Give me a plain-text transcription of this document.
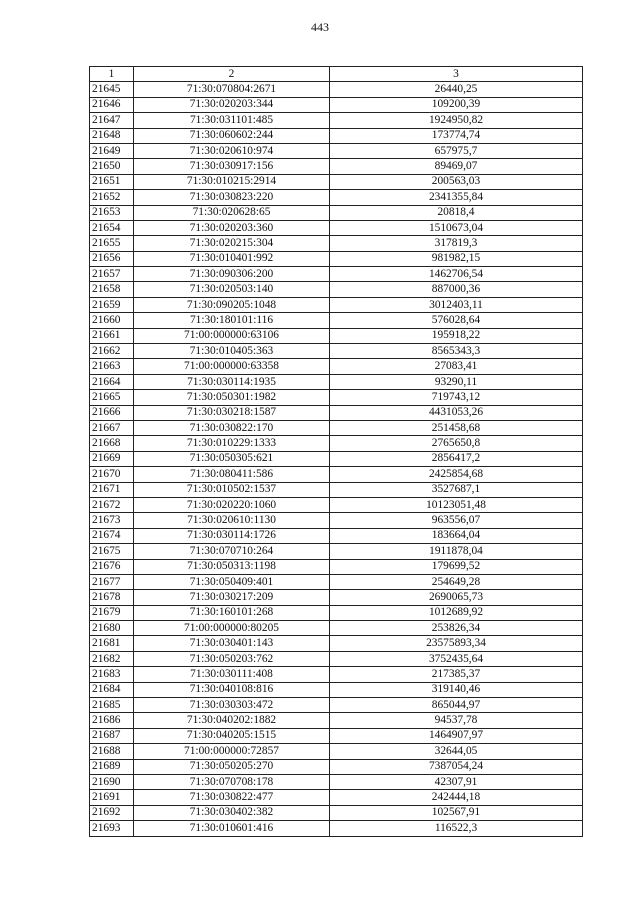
443
1	2	3
21645	71:30:070804:2671	26440,25
21646	71:30:020203:344	109200,39
21647	71:30:031101:485	1924950,82
21648	71:30:060602:244	173774,74
21649	71:30:020610:974	657975,7
21650	71:30:030917:156	89469,07
21651	71:30:010215:2914	200563,03
21652	71:30:030823:220	2341355,84
21653	71:30:020628:65	20818,4
21654	71:30:020203:360	1510673,04
21655	71:30:020215:304	317819,3
21656	71:30:010401:992	981982,15
21657	71:30:090306:200	1462706,54
21658	71:30:020503:140	887000,36
21659	71:30:090205:1048	3012403,11
21660	71:30:180101:116	576028,64
21661	71:00:000000:63106	195918,22
21662	71:30:010405:363	8565343,3
21663	71:00:000000:63358	27083,41
21664	71:30:030114:1935	93290,11
21665	71:30:050301:1982	719743,12
21666	71:30:030218:1587	4431053,26
21667	71:30:030822:170	251458,68
21668	71:30:010229:1333	2765650,8
21669	71:30:050305:621	2856417,2
21670	71:30:080411:586	2425854,68
21671	71:30:010502:1537	3527687,1
21672	71:30:020220:1060	10123051,48
21673	71:30:020610:1130	963556,07
21674	71:30:030114:1726	183664,04
21675	71:30:070710:264	1911878,04
21676	71:30:050313:1198	179699,52
21677	71:30:050409:401	254649,28
21678	71:30:030217:209	2690065,73
21679	71:30:160101:268	1012689,92
21680	71:00:000000:80205	253826,34
21681	71:30:030401:143	23575893,34
21682	71:30:050203:762	3752435,64
21683	71:30:030111:408	217385,37
21684	71:30:040108:816	319140,46
21685	71:30:030303:472	865044,97
21686	71:30:040202:1882	94537,78
21687	71:30:040205:1515	1464907,97
21688	71:00:000000:72857	32644,05
21689	71:30:050205:270	7387054,24
21690	71:30:070708:178	42307,91
21691	71:30:030822:477	242444,18
21692	71:30:030402:382	102567,91
21693	71:30:010601:416	116522,3
